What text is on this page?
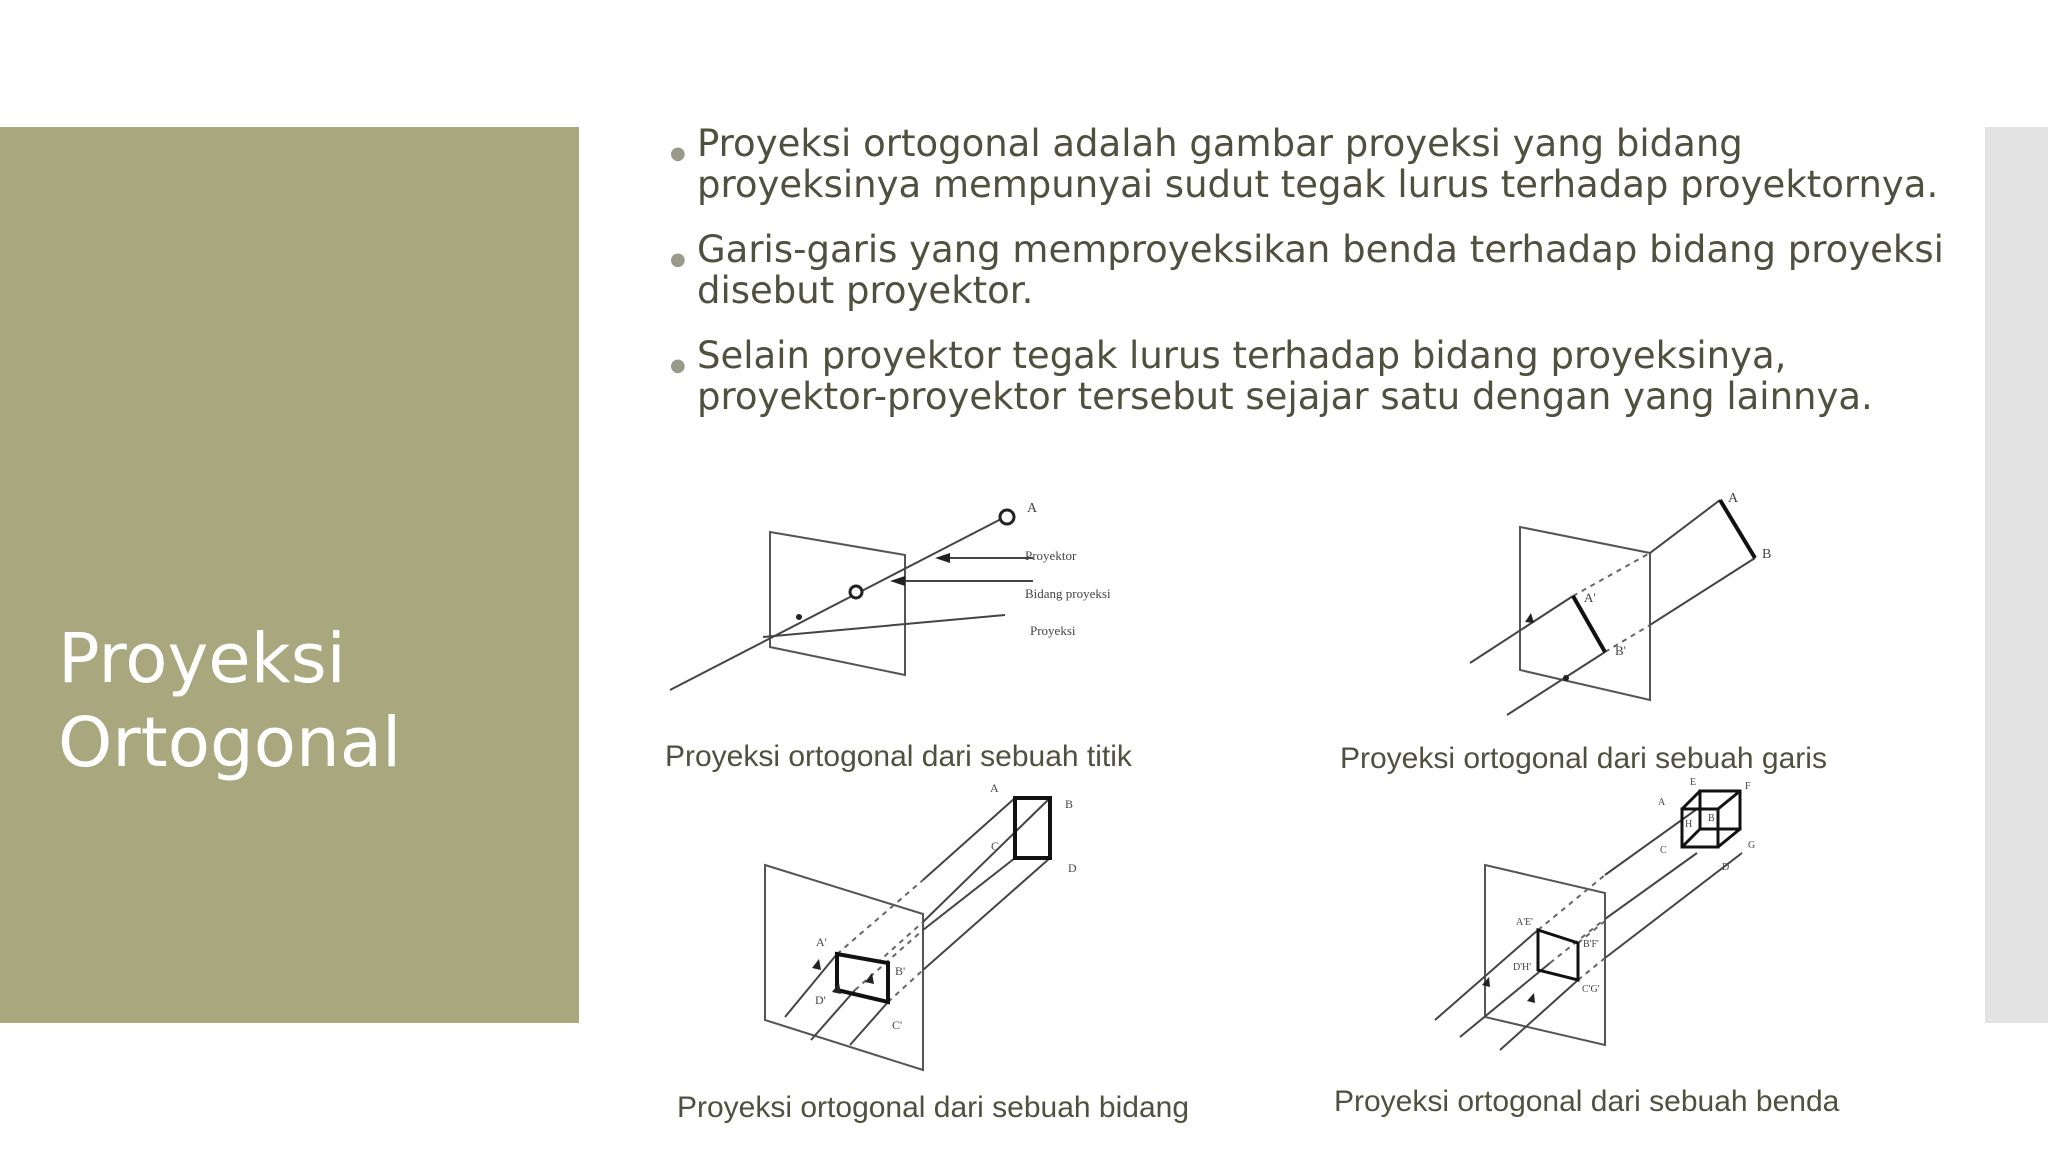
Proyeksi Ortogonal
● Proyeksi ortogonal adalah gambar proyeksi yang bidang proyeksinya mempunyai sudut tegak lurus terhadap proyektornya.
● Garis-garis yang memproyeksikan benda terhadap bidang proyeksi disebut proyektor.
● Selain proyektor tegak lurus terhadap bidang proyeksinya, proyektor-proyektor tersebut sejajar satu dengan yang lainnya.
A
Proyektor
Bidang proyeksi
Proyeksi
Proyeksi ortogonal dari sebuah titik
A
B
A'
B'
Proyeksi ortogonal dari sebuah garis
A
B
C
D
A'
B'
C'
D'
Proyeksi ortogonal dari sebuah bidang
E	F
A
B
H
C	G
D
A'E'
B'F'
D'H'
C'G'
Proyeksi ortogonal dari sebuah benda
